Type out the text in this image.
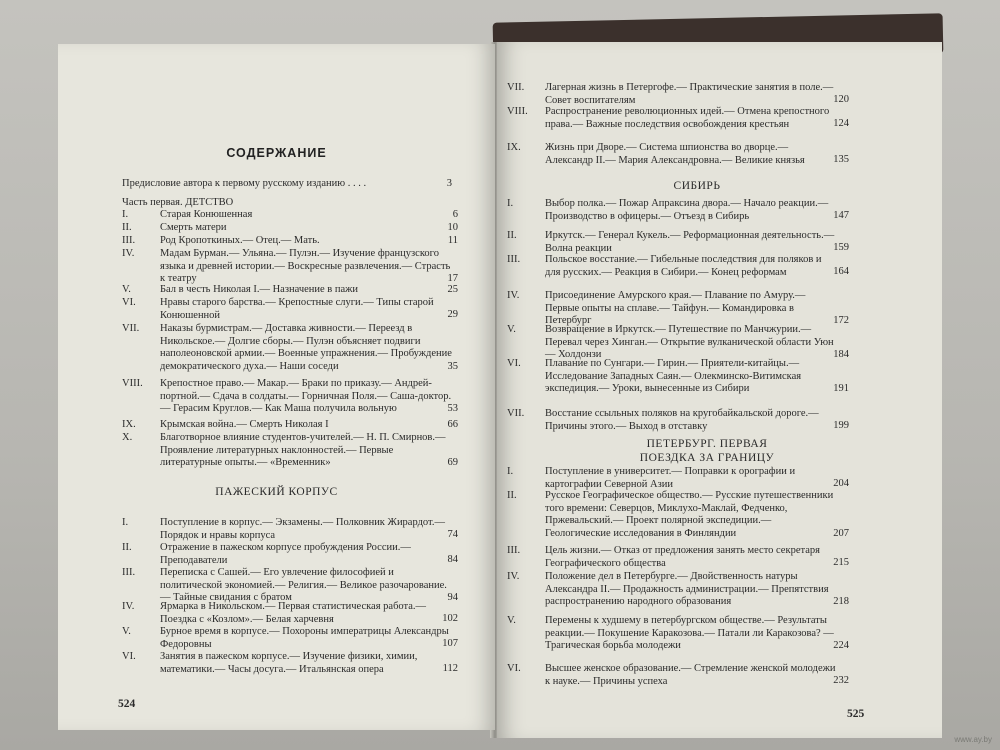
СОДЕРЖАНИЕ
Предисловие автора к первому русскому изданию . . . .	3
Часть первая. ДЕТСТВО
I.	Старая Конюшенная	6
II.	Смерть матери	10
III.	Род Кропоткиных.— Отец.— Мать.	11
IV.	Мадам Бурман.— Ульяна.— Пулэн.— Изучение французского языка и древней истории.— Воскресные развлечения.— Страсть к театру	17
V.	Бал в честь Николая I.— Назначение в пажи	25
VI.	Нравы старого барства.— Крепостные слуги.— Типы старой Конюшенной	29
VII.	Наказы бурмистрам.— Доставка живности.— Переезд в Никольское.— Долгие сборы.— Пулэн объясняет подвиги наполеоновской армии.— Военные упражнения.— Пробуждение демократического духа.— Наши соседи	35
VIII.	Крепостное право.— Макар.— Браки по приказу.— Андрей-портной.— Сдача в солдаты.— Горничная Поля.— Саша-доктор.— Герасим Круглов.— Как Маша получила вольную	53
IX.	Крымская война.— Смерть Николая I	66
X.	Благотворное влияние студентов-учителей.— Н. П. Смирнов.— Проявление литературных наклонностей.— Первые литературные опыты.— «Временник»	69
ПАЖЕСКИЙ КОРПУС
I.	Поступление в корпус.— Экзамены.— Полковник Жирардот.— Порядок и нравы корпуса	74
II.	Отражение в пажеском корпусе пробуждения России.— Преподаватели	84
III.	Переписка с Сашей.— Его увлечение философией и политической экономией.— Религия.— Великое разочарование.— Тайные свидания с братом	94
IV.	Ярмарка в Никольском.— Первая статистическая работа.— Поездка с «Козлом».— Белая харчевня	102
V.	Бурное время в корпусе.— Похороны императрицы Александры Федоровны	107
VI.	Занятия в пажеском корпусе.— Изучение физики, химии, математики.— Часы досуга.— Итальянская опера	112
524
VII.	Лагерная жизнь в Петергофе.— Практические занятия в поле.— Совет воспитателям	120
VIII.	Распространение революционных идей.— Отмена крепостного права.— Важные последствия освобождения крестьян	124
IX.	Жизнь при Дворе.— Система шпионства во дворце.— Александр II.— Мария Александровна.— Великие князья	135
СИБИРЬ
I.	Выбор полка.— Пожар Апраксина двора.— Начало реакции.— Производство в офицеры.— Отъезд в Сибирь	147
II.	Иркутск.— Генерал Кукель.— Реформационная деятельность.— Волна реакции	159
III.	Польское восстание.— Гибельные последствия для поляков и для русских.— Реакция в Сибири.— Конец реформам	164
IV.	Присоединение Амурского края.— Плавание по Амуру.— Первые опыты на сплаве.— Тайфун.— Командировка в Петербург	172
V.	Возвращение в Иркутск.— Путешествие по Манчжурии.— Перевал через Хинган.— Открытие вулканической области Уюн — Холдонзи	184
VI.	Плавание по Сунгари.— Гирин.— Приятели-китайцы.— Исследование Западных Саян.— Олекминско-Витимская экспедиция.— Уроки, вынесенные из Сибири	191
VII.	Восстание ссыльных поляков на кругобайкальской дороге.— Причины этого.— Выход в отставку	199
ПЕТЕРБУРГ. ПЕРВАЯ ПОЕЗДКА ЗА ГРАНИЦУ
I.	Поступление в университет.— Поправки к орографии и картографии Северной Азии	204
II.	Русское Географическое общество.— Русские путешественники того времени: Северцов, Миклухо-Маклай, Федченко, Пржевальский.— Проект полярной экспедиции.— Геологические исследования в Финляндии	207
III.	Цель жизни.— Отказ от предложения занять место секретаря Географического общества	215
IV.	Положение дел в Петербурге.— Двойственность натуры Александра II.— Продажность администрации.— Препятствия распространению народного образования	218
V.	Перемены к худшему в петербургском обществе.— Результаты реакции.— Покушение Каракозова.— Патали ли Каракозова? — Трагическая борьба молодежи	224
VI.	Высшее женское образование.— Стремление женской молодежи к науке.— Причины успеха	232
525
www.ay.by
